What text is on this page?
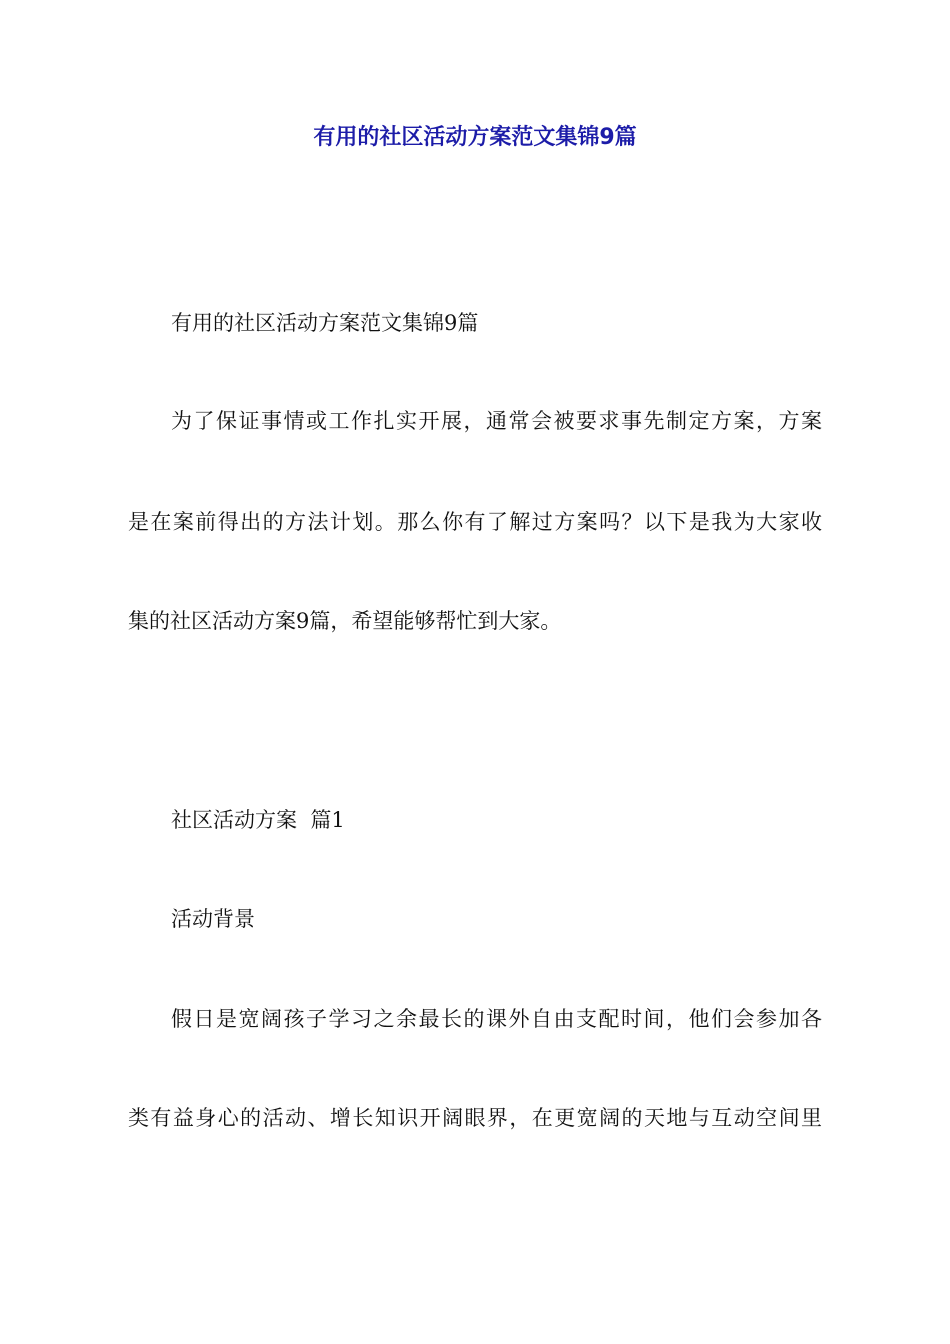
有用的社区活动方案范文集锦9篇

有用的社区活动方案范文集锦9篇

为了保证事情或工作扎实开展，通常会被要求事先制定方案，方案

是在案前得出的方法计划。那么你有了解过方案吗？以下是我为大家收

集的社区活动方案9篇，希望能够帮忙到大家。

社区活动方案  篇1

活动背景

假日是宽阔孩子学习之余最长的课外自由支配时间，他们会参加各

类有益身心的活动、增长知识开阔眼界，在更宽阔的天地与互动空间里
